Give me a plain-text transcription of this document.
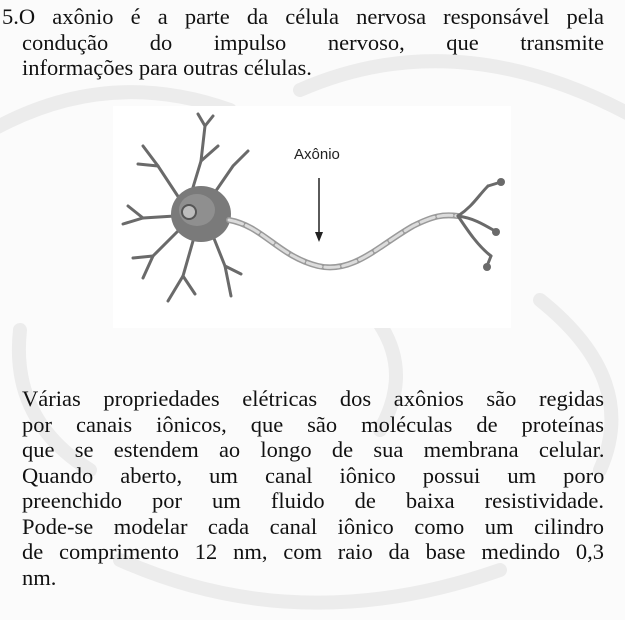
5.O axônio é a parte da célula nervosa responsável pela
condução do impulso nervoso, que transmite
informações para outras células.
Axônio
Várias propriedades elétricas dos axônios são regidas
por canais iônicos, que são moléculas de proteínas
que se estendem ao longo de sua membrana celular.
Quando aberto, um canal iônico possui um poro
preenchido por um fluido de baixa resistividade.
Pode-se modelar cada canal iônico como um cilindro
de comprimento 12 nm, com raio da base medindo 0,3
nm.
